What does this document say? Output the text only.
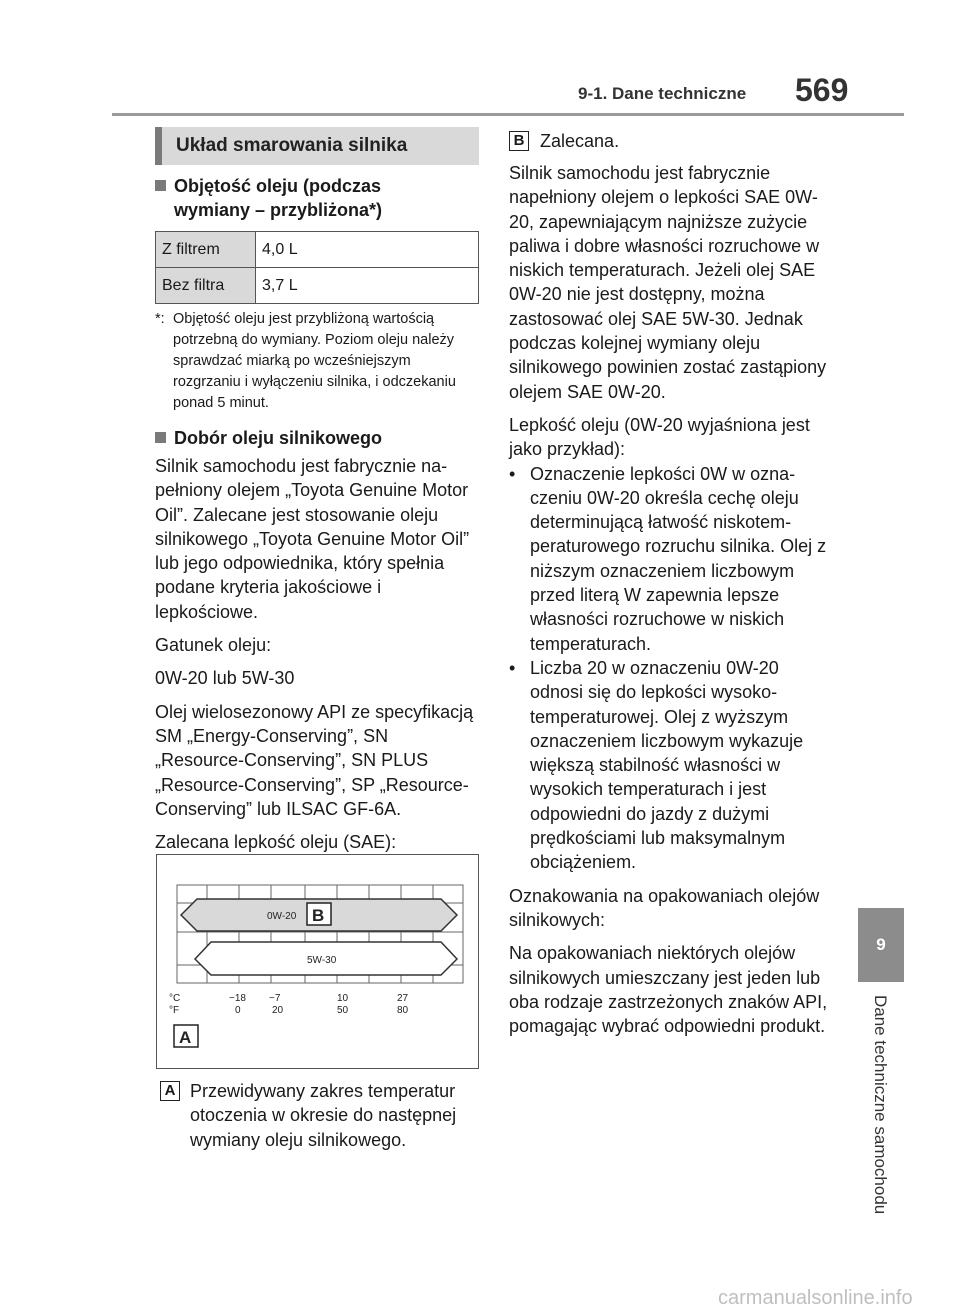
9-1. Dane techniczne 569
9
Dane techniczne samochodu
Układ smarowania silnika
Objętość oleju (podczas wymiany – przybliżona*)
Z filtrem	4,0 L
Bez filtra	3,7 L
*: Objętość oleju jest przybliżoną wartością potrzebną do wymiany. Poziom oleju należy sprawdzać miarką po wcześniejszym rozgrzaniu i wyłączeniu silnika, i odczekaniu ponad 5 minut.
Dobór oleju silnikowego
Silnik samochodu jest fabrycznie napełniony olejem „Toyota Genuine Motor Oil”. Zalecane jest stosowanie oleju silnikowego „Toyota Genuine Motor Oil” lub jego odpowiednika, który spełnia podane kryteria jakościowe i lepkościowe.
Gatunek oleju:
0W-20 lub 5W-30
Olej wielosezonowy API ze specyfikacją SM „Energy-Conserving”, SN „Resource-Conserving”, SN PLUS „Resource-Conserving”, SP „Resource-Conserving” lub ILSAC GF-6A.
Zalecana lepkość oleju (SAE):
0W-20 B
5W-30
°C
°F
−18 −7	10	27
0	20	50	80
A
A Przewidywany zakres temperatur otoczenia w okresie do następnej wymiany oleju silnikowego.
B Zalecana.
Silnik samochodu jest fabrycznie napełniony olejem o lepkości SAE 0W-20, zapewniającym najniższe zużycie paliwa i dobre własności rozruchowe w niskich temperaturach. Jeżeli olej SAE 0W-20 nie jest dostępny, można zastosować olej SAE 5W-30. Jednak podczas kolejnej wymiany oleju silnikowego powinien zostać zastąpiony olejem SAE 0W-20.
Lepkość oleju (0W-20 wyjaśniona jest jako przykład):
• Oznaczenie lepkości 0W w oznaczeniu 0W-20 określa cechę oleju determinującą łatwość niskotemperaturowego rozruchu silnika. Olej z niższym oznaczeniem liczbowym przed literą W zapewnia lepsze własności rozruchowe w niskich temperaturach.
• Liczba 20 w oznaczeniu 0W-20 odnosi się do lepkości wysokotemperaturowej. Olej z wyższym oznaczeniem liczbowym wykazuje większą stabilność własności w wysokich temperaturach i jest odpowiedni do jazdy z dużymi prędkościami lub maksymalnym obciążeniem.
Oznakowania na opakowaniach olejów silnikowych:
Na opakowaniach niektórych olejów silnikowych umieszczany jest jeden lub oba rodzaje zastrzeżonych znaków API, pomagając wybrać odpowiedni produkt.
carmanualsonline.info
